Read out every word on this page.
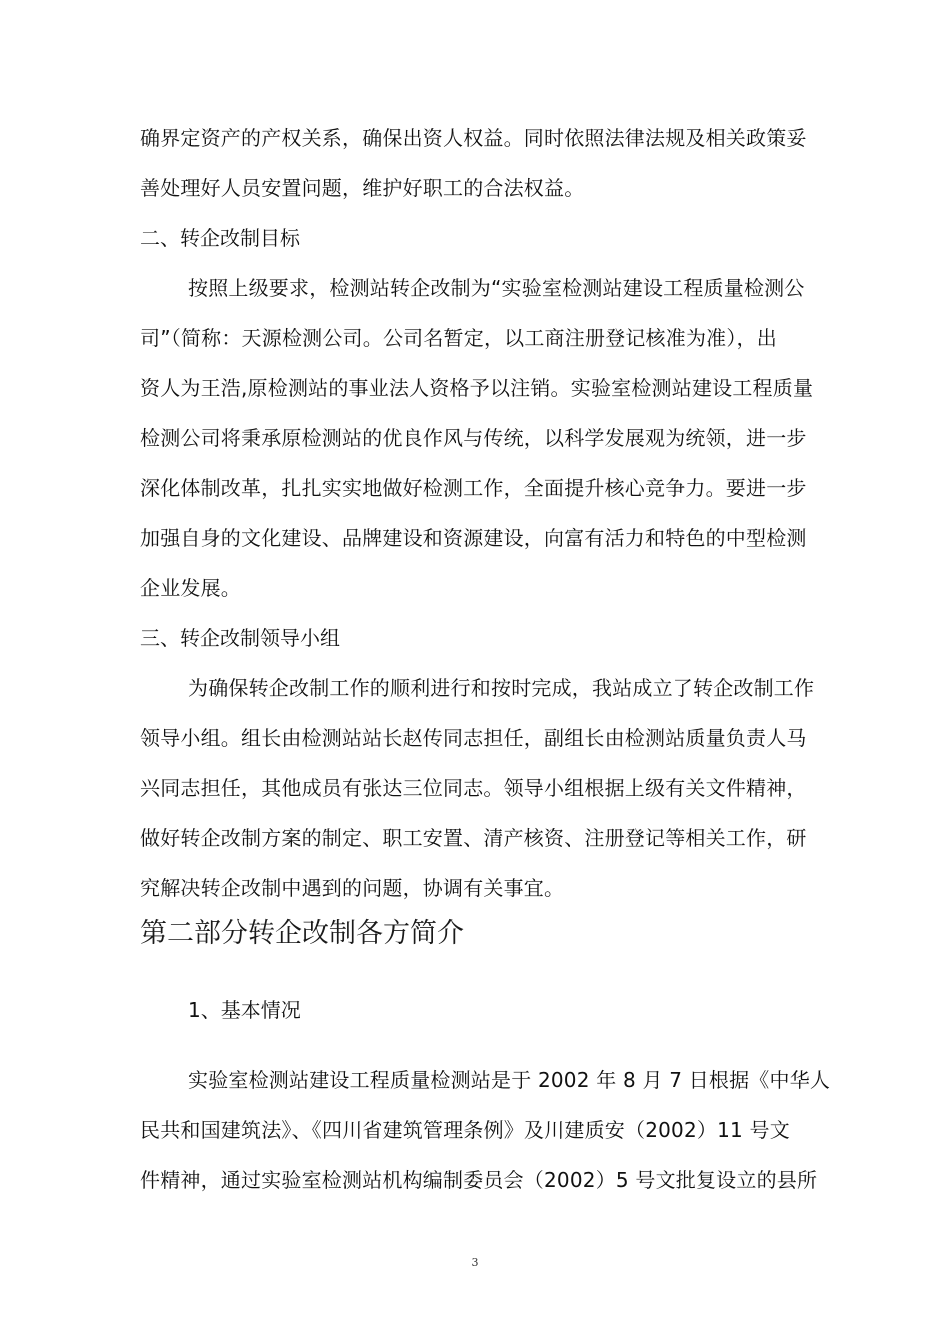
确界定资产的产权关系，确保出资人权益。同时依照法律法规及相关政策妥
善处理好人员安置问题，维护好职工的合法权益。
二、转企改制目标
按照上级要求，检测站转企改制为“实验室检测站建设工程质量检测公
司”（简称：天源检测公司。公司名暂定，以工商注册登记核准为准），出
资人为王浩,原检测站的事业法人资格予以注销。实验室检测站建设工程质量
检测公司将秉承原检测站的优良作风与传统，以科学发展观为统领，进一步
深化体制改革，扎扎实实地做好检测工作，全面提升核心竞争力。要进一步
加强自身的文化建设、品牌建设和资源建设，向富有活力和特色的中型检测
企业发展。
三、转企改制领导小组
为确保转企改制工作的顺利进行和按时完成，我站成立了转企改制工作
领导小组。组长由检测站站长赵传同志担任，副组长由检测站质量负责人马
兴同志担任，其他成员有张达三位同志。领导小组根据上级有关文件精神，
做好转企改制方案的制定、职工安置、清产核资、注册登记等相关工作，研
究解决转企改制中遇到的问题，协调有关事宜。
第二部分转企改制各方简介
1、基本情况
实验室检测站建设工程质量检测站是于 2002 年 8 月 7 日根据《中华人
民共和国建筑法》、《四川省建筑管理条例》及川建质安（2002）11 号文
件精神，通过实验室检测站机构编制委员会（2002）5 号文批复设立的县所
3
